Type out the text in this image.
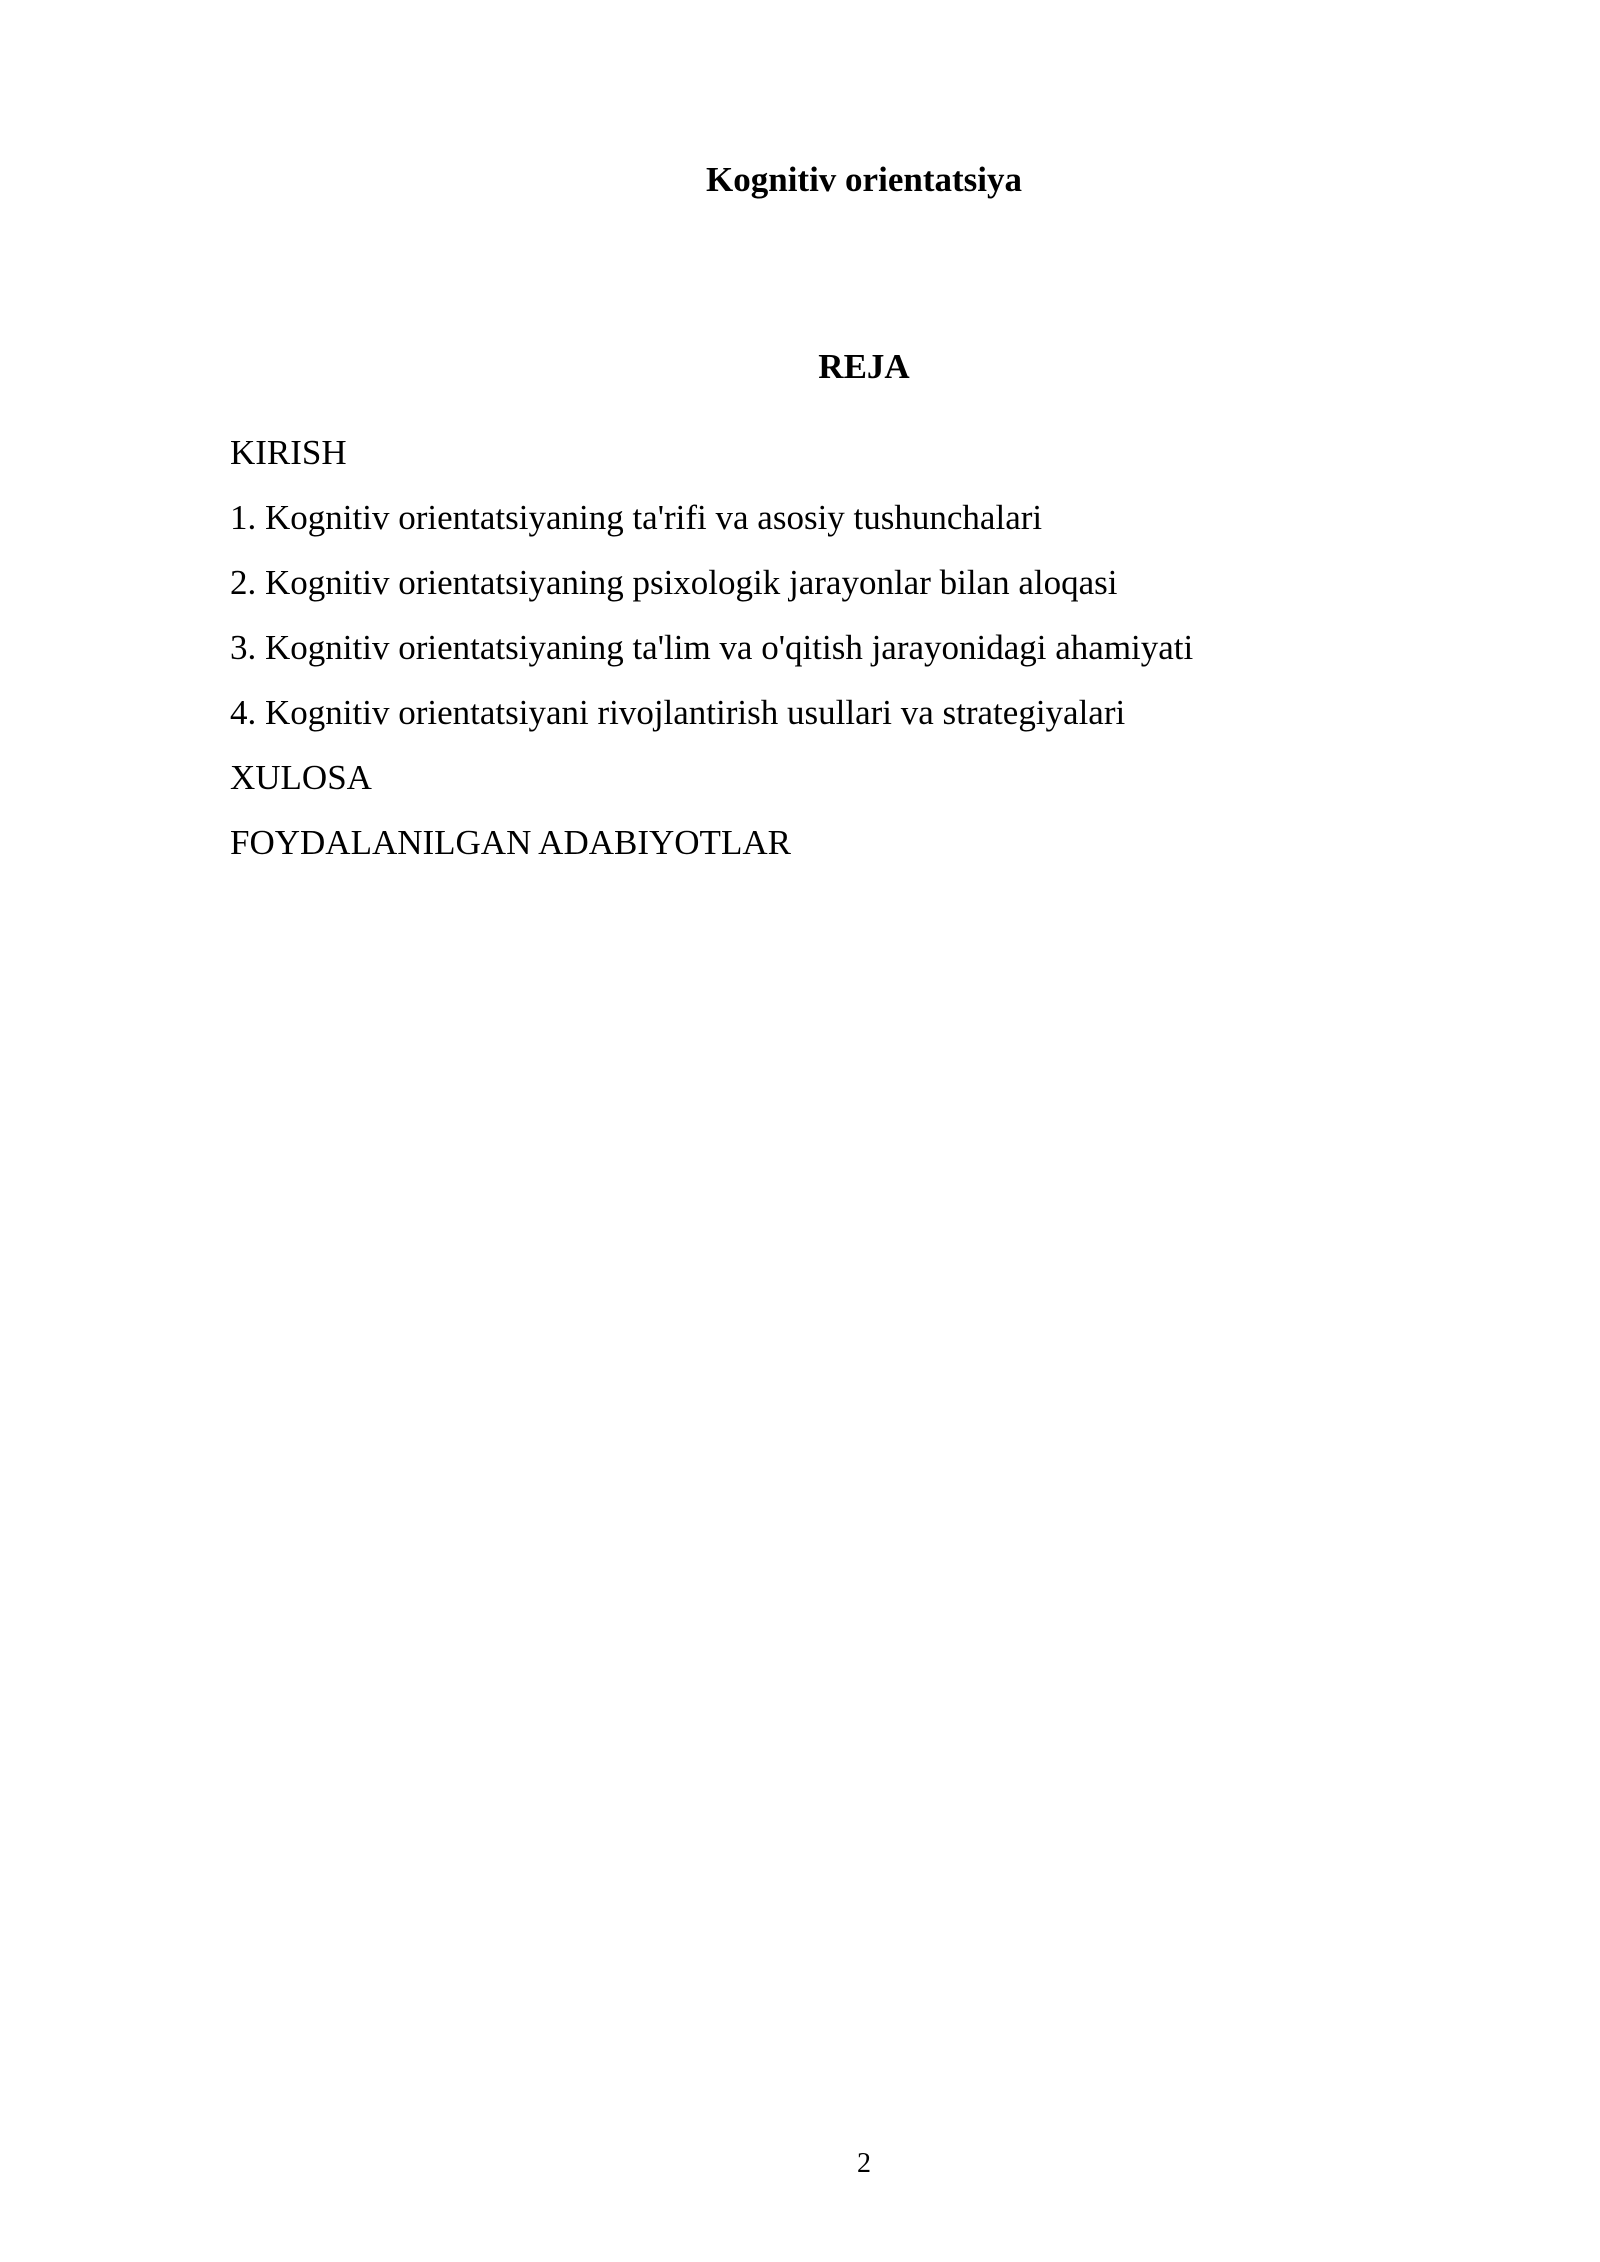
Kognitiv orientatsiya
REJA
KIRISH
1. Kognitiv orientatsiyaning ta'rifi va asosiy tushunchalari
2. Kognitiv orientatsiyaning psixologik jarayonlar bilan aloqasi
3. Kognitiv orientatsiyaning ta'lim va o'qitish jarayonidagi ahamiyati
4. Kognitiv orientatsiyani rivojlantirish usullari va strategiyalari
XULOSA
FOYDALANILGAN ADABIYOTLAR
2
